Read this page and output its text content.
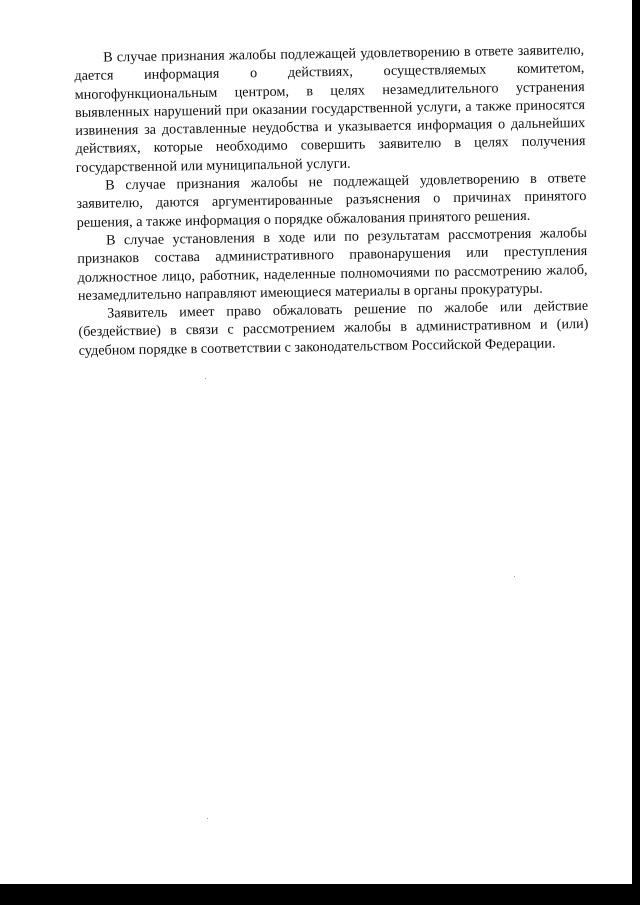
В случае признания жалобы подлежащей удовлетворению в ответе заявителю, дается информация о действиях, осуществляемых комитетом, многофункциональным центром, в целях незамедлительного устранения выявленных нарушений при оказании государственной услуги, а также приносятся извинения за доставленные неудобства и указывается информация о дальнейших действиях, которые необходимо совершить заявителю в целях получения государственной или муниципальной услуги.

В случае признания жалобы не подлежащей удовлетворению в ответе заявителю, даются аргументированные разъяснения о причинах принятого решения, а также информация о порядке обжалования принятого решения.

В случае установления в ходе или по результатам рассмотрения жалобы признаков состава административного правонарушения или преступления должностное лицо, работник, наделенные полномочиями по рассмотрению жалоб, незамедлительно направляют имеющиеся материалы в органы прокуратуры.

Заявитель имеет право обжаловать решение по жалобе или действие (бездействие) в связи с рассмотрением жалобы в административном и (или) судебном порядке в соответствии с законодательством Российской Федерации.
